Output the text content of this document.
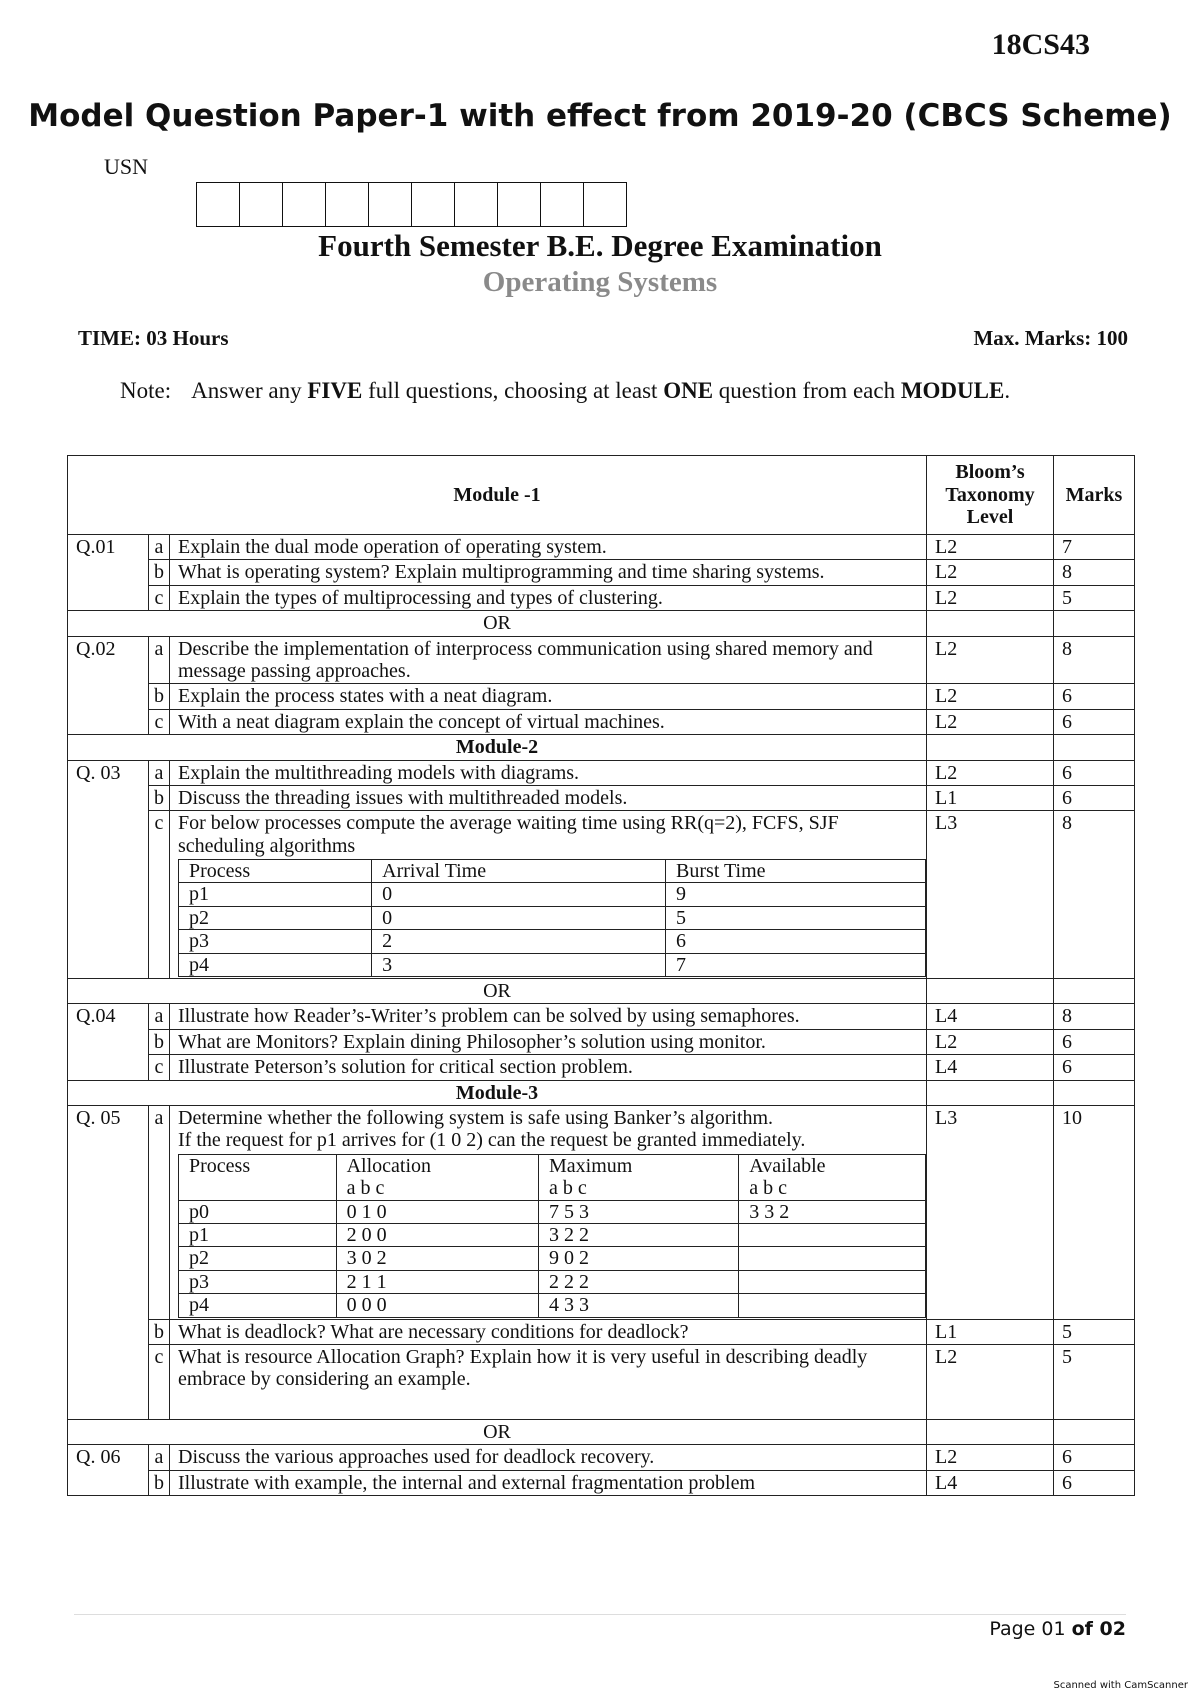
18CS43
Model Question Paper-1 with effect from 2019-20 (CBCS Scheme)
USN
Fourth Semester B.E. Degree Examination
Operating Systems
TIME: 03 Hours	Max. Marks: 100
Note: Answer any FIVE full questions, choosing at least ONE question from each MODULE.
Module -1	Bloom’s Taxonomy Level	Marks
Q.01	a	Explain the dual mode operation of operating system.	L2	7
b	What is operating system? Explain multiprogramming and time sharing systems.	L2	8
c	Explain the types of multiprocessing and types of clustering.	L2	5
OR		
Q.02	a	Describe the implementation of interprocess communication using shared memory and message passing approaches.	L2	8
b	Explain the process states with a neat diagram.	L2	6
c	With a neat diagram explain the concept of virtual machines.	L2	6
Module-2		
Q. 03	a	Explain the multithreading models with diagrams.	L2	6
b	Discuss the threading issues with multithreaded models.	L1	6
c	For below processes compute the average waiting time using RR(q=2), FCFS, SJF scheduling algorithms
Process	Arrival Time	Burst Time
p1	0	9
p2	0	5
p3	2	6
p4	3	7
	L3	8
OR		
Q.04	a	Illustrate how Reader’s-Writer’s problem can be solved by using semaphores.	L4	8
b	What are Monitors? Explain dining Philosopher’s solution using monitor.	L2	6
c	Illustrate Peterson’s solution for critical section problem.	L4	6
Module-3		
Q. 05	a	Determine whether the following system is safe using Banker’s algorithm.
If the request for p1 arrives for (1 0 2) can the request be granted immediately.
Process	Allocation	Maximum	Available
	a b c	a b c	a b c
p0	0 1 0	7 5 3	3 3 2
p1	2 0 0	3 2 2	
p2	3 0 2	9 0 2	
p3	2 1 1	2 2 2	
p4	0 0 0	4 3 3	
	L3	10
b	What is deadlock? What are necessary conditions for deadlock?	L1	5
c	What is resource Allocation Graph? Explain how it is very useful in describing deadly embrace by considering an example.	L2	5
OR		
Q. 06	a	Discuss the various approaches used for deadlock recovery.	L2	6
b	Illustrate with example, the internal and external fragmentation problem	L4	6
Page 01 of 02
Scanned with CamScanner
